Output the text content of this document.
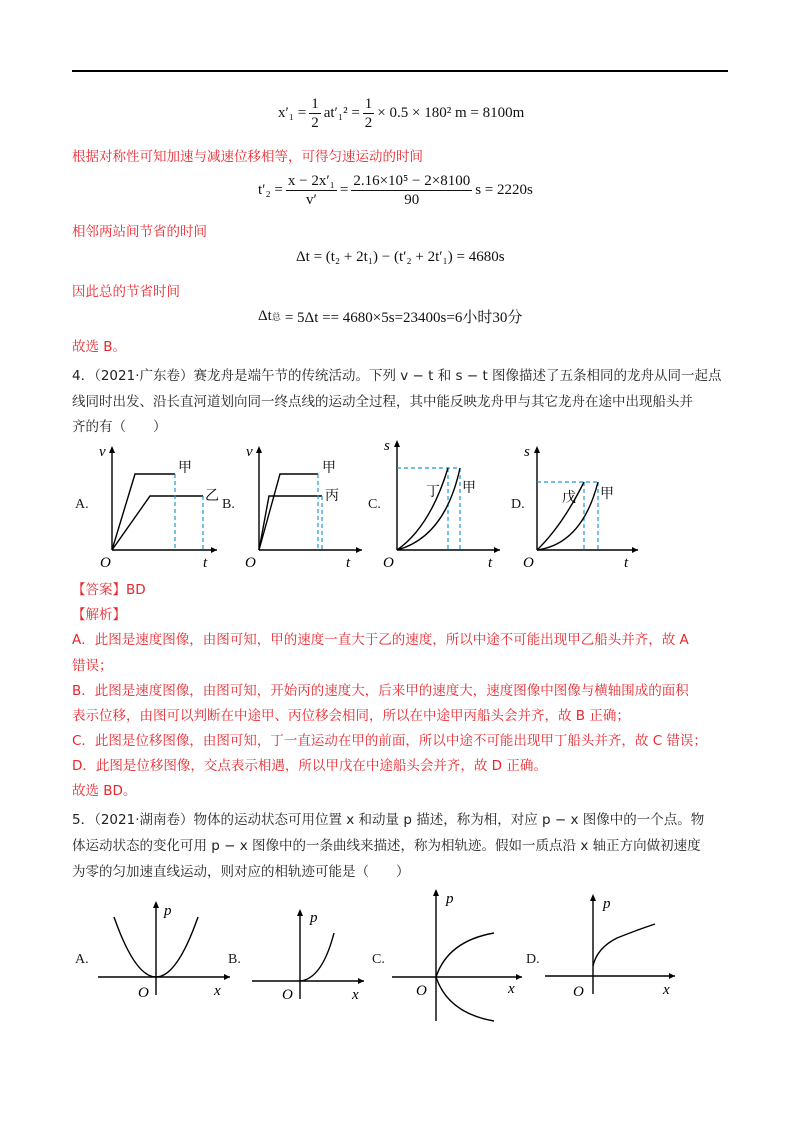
$x'_1 = \frac{1}{2} at'_1^2 = \frac{1}{2} \times 0.5 \times 180^2$ m = 8100m
根据对称性可知加速与减速位移相等，可得匀速运动的时间
$t'_2 = \frac{\text{x − 2x′₁}}{v'} = \frac{\text{2.16×10⁵ − 2×8100}}{90}$ s = 2220s
相邻两站间节省的时间
Δt = (t₂ + 2t₁) − (t′₂ + 2t′₁) = 4680s
因此总的节省时间
Δt 总 = 5Δt == 4680×5s=23400s=6小时30分
故选 B。
4．（2021·广东卷）赛龙舟是端午节的传统活动。下列 v − t 和 s − t 图像描述了五条相同的龙舟从同一起点
线同时出发、沿长直河道划向同一终点线的运动全过程，其中能反映龙舟甲与其它龙舟在途中出现船头并
齐的有（　　）
A.	B.	C.	D.
v
t
O
甲
乙
v
t
O
甲
丙
s
t
O
丁 甲
s
t
O
戊 甲
【答案】BD
【解析】
A．此图是速度图像，由图可知，甲的速度一直大于乙的速度，所以中途不可能出现甲乙船头并齐，故 A
错误；
B．此图是速度图像，由图可知，开始丙的速度大，后来甲的速度大，速度图像中图像与横轴围成的面积
表示位移，由图可以判断在中途甲、丙位移会相同，所以在中途甲丙船头会并齐，故 B 正确；
C．此图是位移图像，由图可知，丁一直运动在甲的前面，所以中途不可能出现甲丁船头并齐，故 C 错误；
D．此图是位移图像，交点表示相遇，所以甲戊在中途船头会并齐，故 D 正确。
故选 BD。
5．（2021·湖南卷）物体的运动状态可用位置 x 和动量 p 描述，称为相，对应 p − x 图像中的一个点。物
体运动状态的变化可用 p − x 图像中的一条曲线来描述，称为相轨迹。假如一质点沿 x 轴正方向做初速度
为零的匀加速直线运动，则对应的相轨迹可能是（　　）
A.	B.	C.	D.
p
x
O
p
x
O
p
x
O
p
x
O
